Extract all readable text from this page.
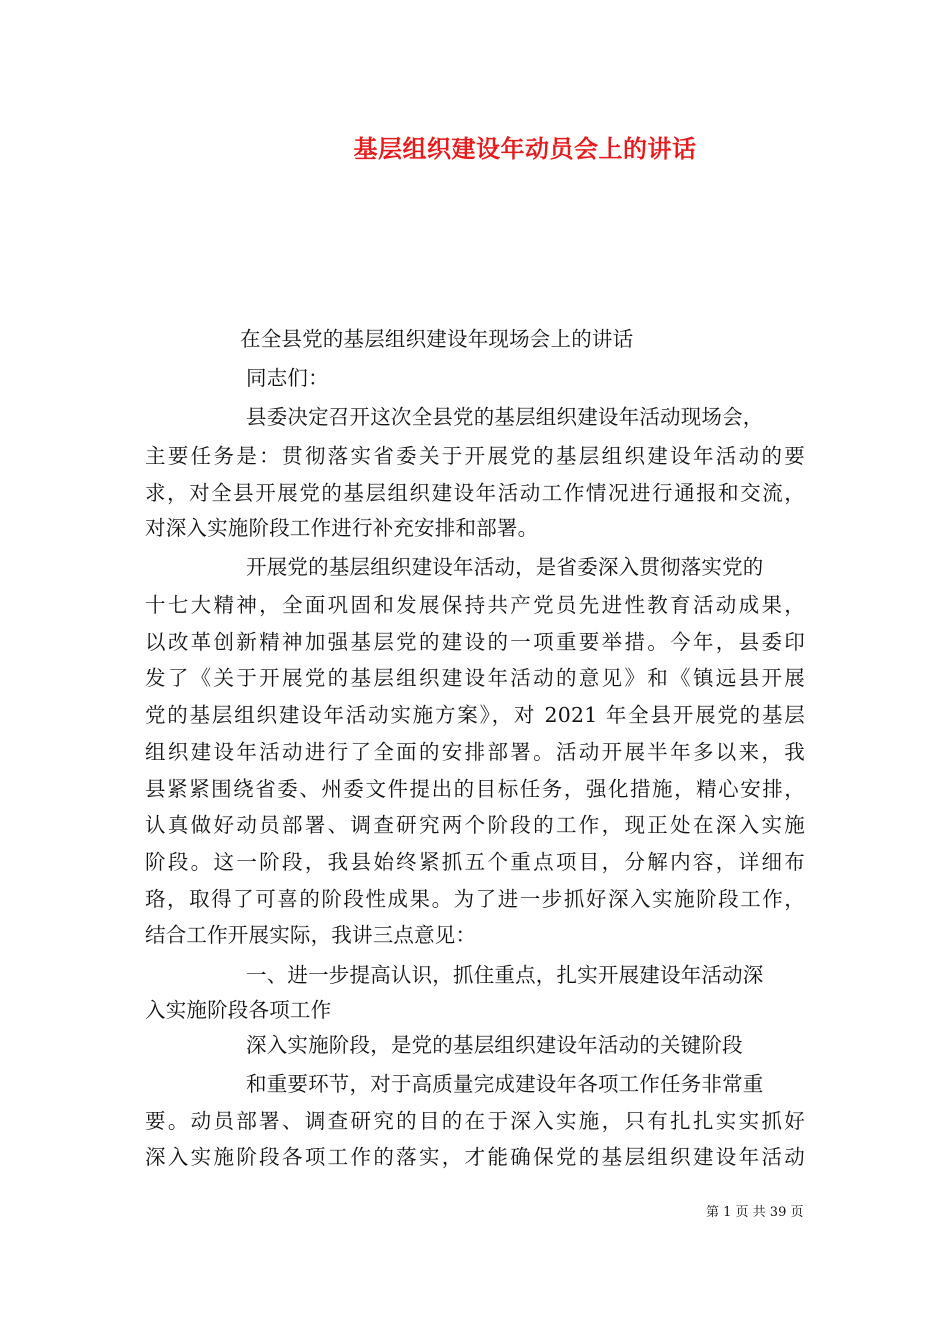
基层组织建设年动员会上的讲话
在全县党的基层组织建设年现场会上的讲话
同志们：
县委决定召开这次全县党的基层组织建设年活动现场会，
主要任务是：贯彻落实省委关于开展党的基层组织建设年活动的要
求，对全县开展党的基层组织建设年活动工作情况进行通报和交流，
对深入实施阶段工作进行补充安排和部署。
开展党的基层组织建设年活动，是省委深入贯彻落实党的
十七大精神，全面巩固和发展保持共产党员先进性教育活动成果，
以改革创新精神加强基层党的建设的一项重要举措。今年，县委印
发了《关于开展党的基层组织建设年活动的意见》和《镇远县开展
党的基层组织建设年活动实施方案》，对 2021 年全县开展党的基层
组织建设年活动进行了全面的安排部署。活动开展半年多以来，我
县紧紧围绕省委、州委文件提出的目标任务，强化措施，精心安排，
认真做好动员部署、调查研究两个阶段的工作，现正处在深入实施
阶段。这一阶段，我县始终紧抓五个重点项目，分解内容，详细布
珞，取得了可喜的阶段性成果。为了进一步抓好深入实施阶段工作，
结合工作开展实际，我讲三点意见：
一、进一步提高认识，抓住重点，扎实开展建设年活动深
入实施阶段各项工作
深入实施阶段，是党的基层组织建设年活动的关键阶段
和重要环节，对于高质量完成建设年各项工作任务非常重
要。动员部署、调查研究的目的在于深入实施，只有扎扎实实抓好
深入实施阶段各项工作的落实，才能确保党的基层组织建设年活动
第 1 页 共 39 页
